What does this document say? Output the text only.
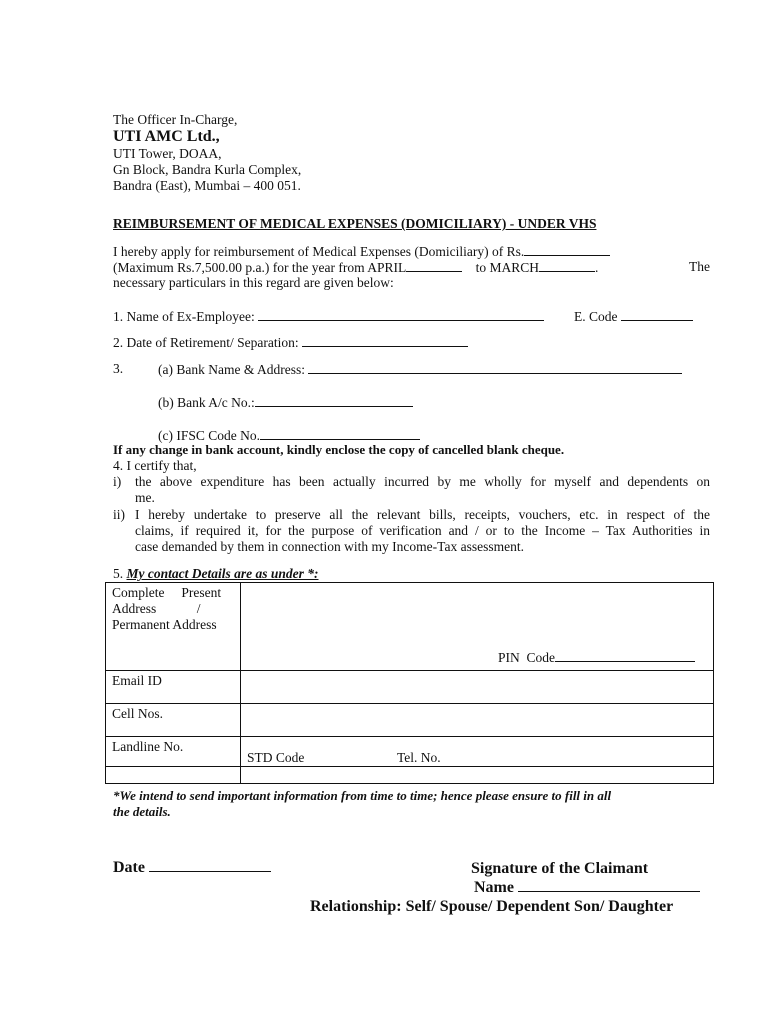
The Officer In-Charge,
UTI AMC Ltd.,
UTI Tower, DOAA,
Gn Block, Bandra Kurla Complex,
Bandra (East), Mumbai – 400 051.
REIMBURSEMENT OF MEDICAL EXPENSES (DOMICILIARY) - UNDER VHS
I hereby apply for reimbursement of Medical Expenses (Domiciliary) of Rs.
(Maximum Rs.7,500.00 p.a.) for the year from APRIL	to MARCH	.	The
necessary particulars in this regard are given below:
1. Name of Ex-Employee:	E. Code
2. Date of Retirement/ Separation:
3.	(a) Bank Name & Address:
(b) Bank A/c No.:
(c) IFSC Code No.
If any change in bank account, kindly enclose the copy of cancelled blank cheque.
4. I certify that,
i) the above expenditure has been actually incurred by me wholly for myself and dependents on
me.
ii) I hereby undertake to preserve all the relevant bills, receipts, vouchers, etc. in respect of the
claims, if required it, for the purpose of verification and / or to the Income – Tax Authorities in
case demanded by them in connection with my Income-Tax assessment.
5. My contact Details are as under *:
Complete     Present
Address            /
Permanent Address	PIN  Code

Email ID	

Cell Nos.	

Landline No.	STD Code Tel. No.

*We intend to send important information from time to time; hence please ensure to fill in all
the details.
Date	Signature of the Claimant
Name
Relationship: Self/ Spouse/ Dependent Son/ Daughter
